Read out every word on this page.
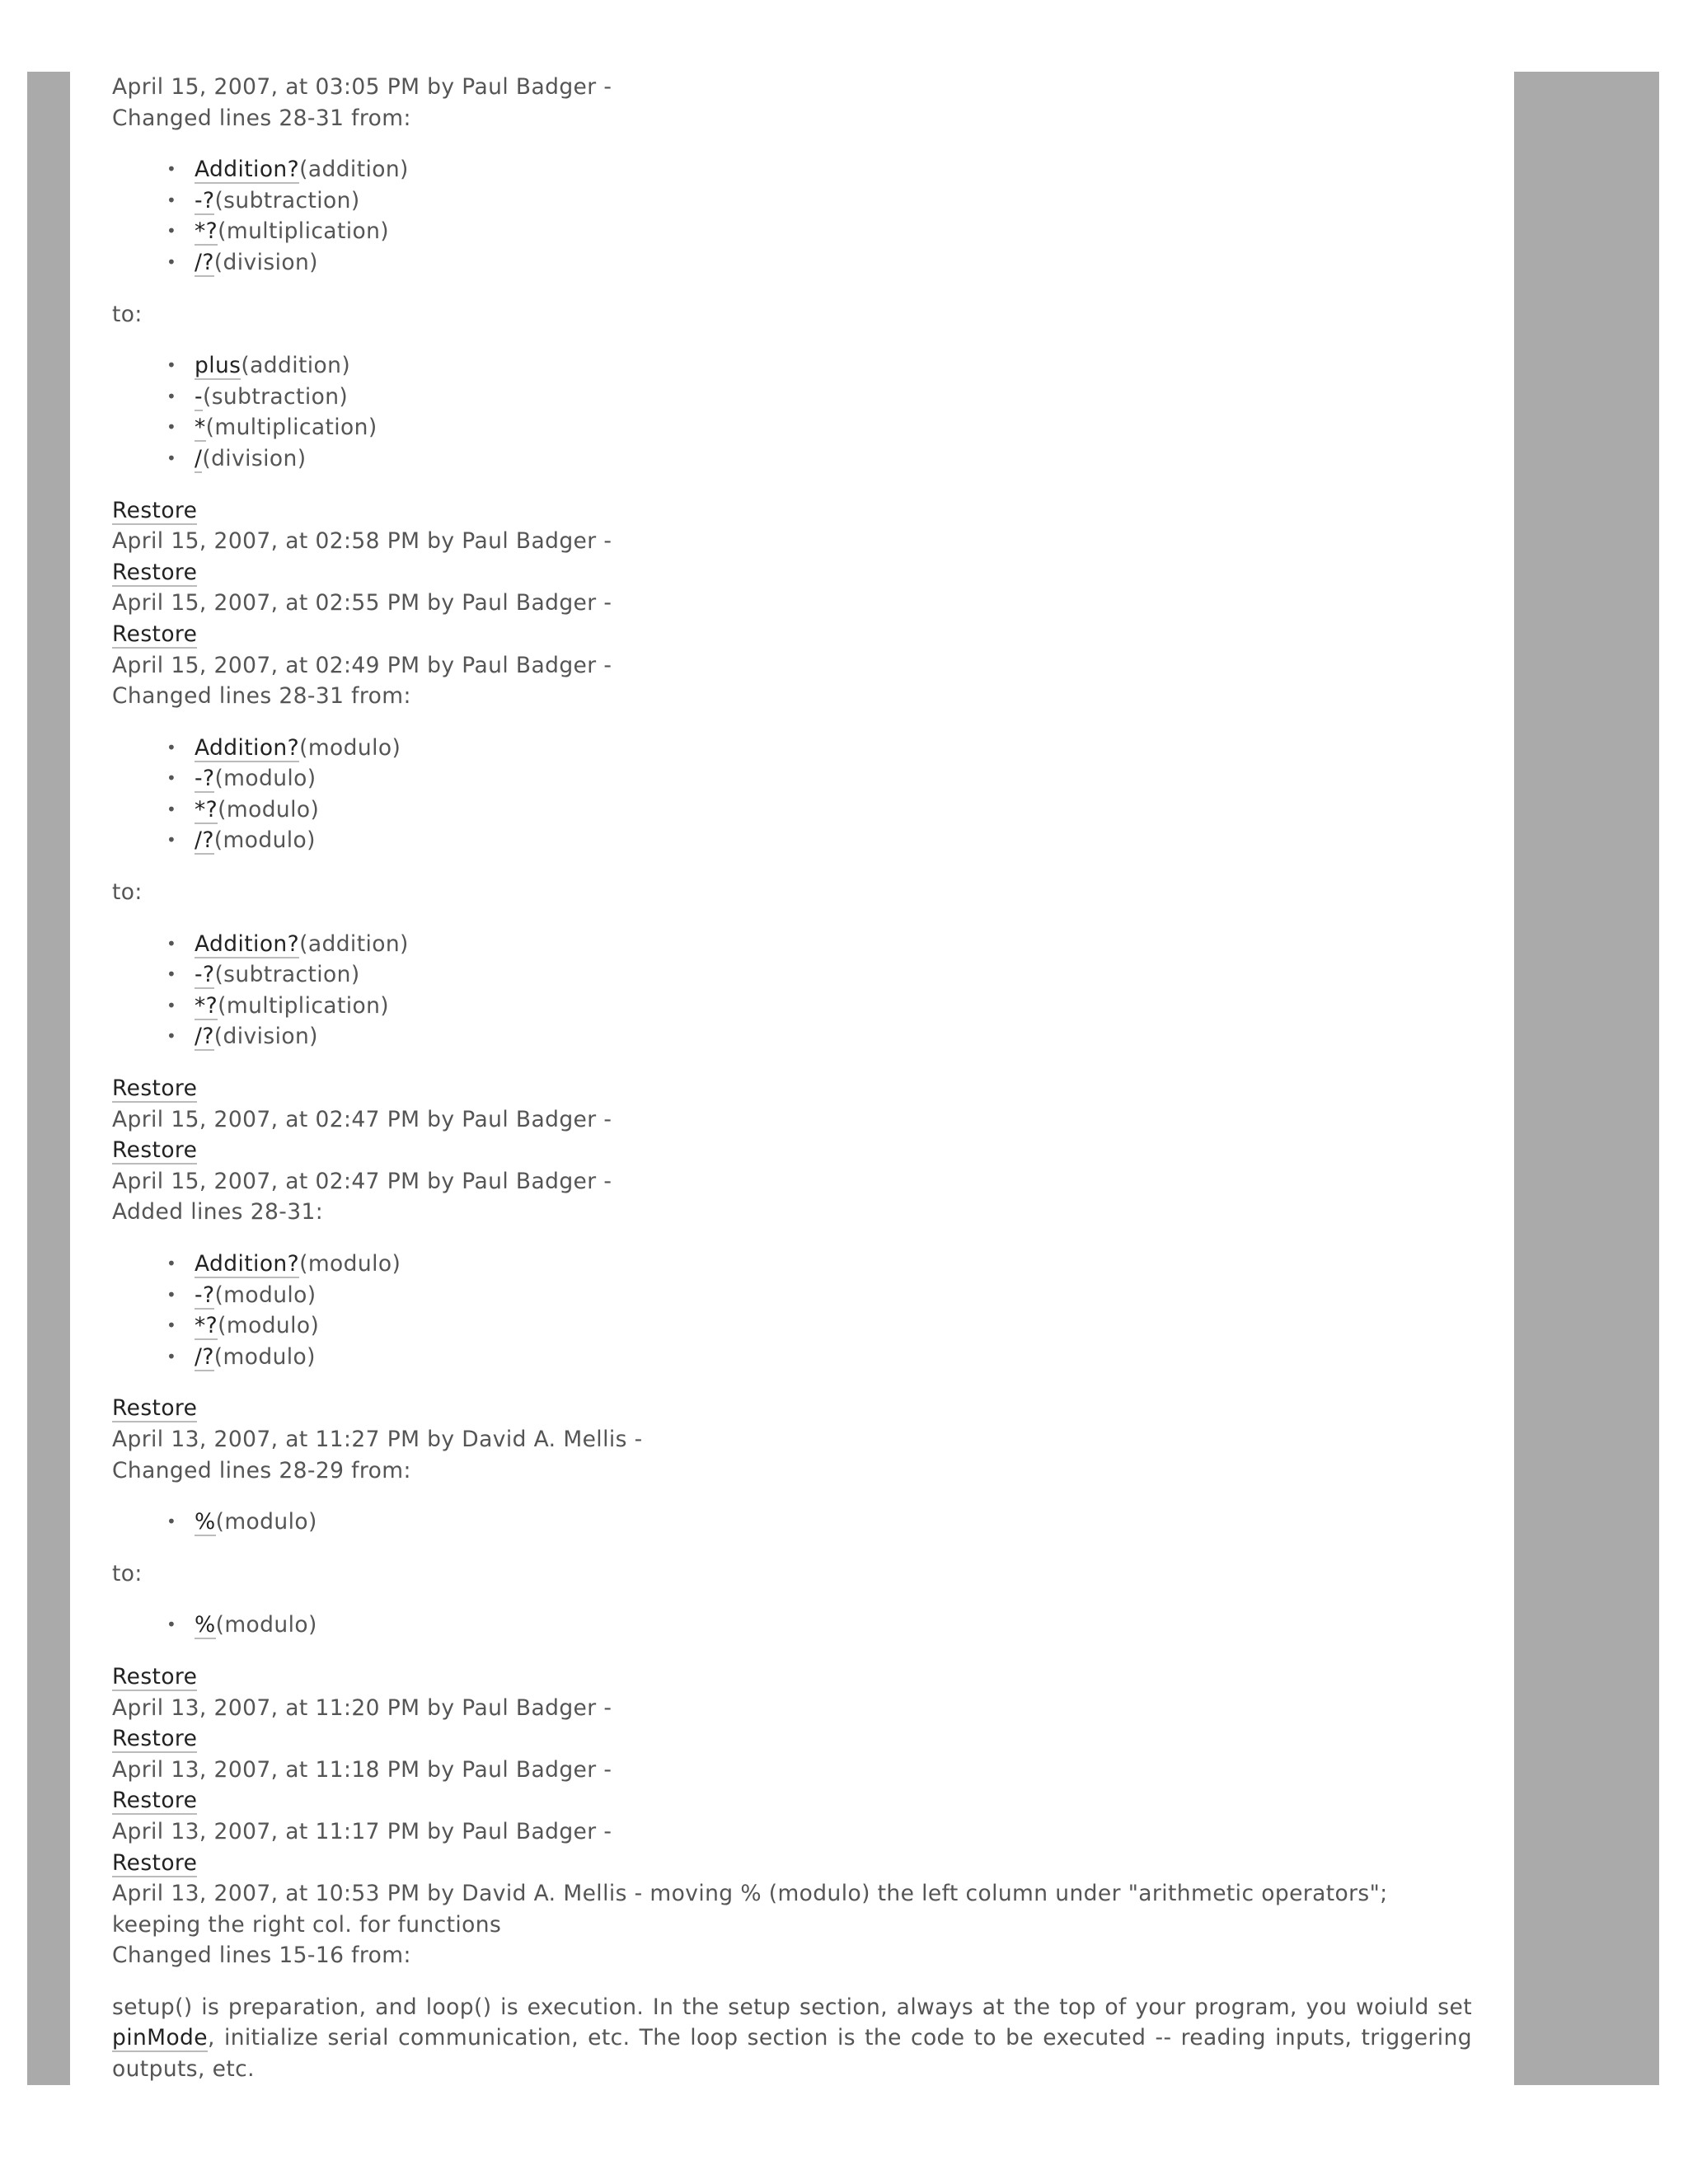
April 15, 2007, at 03:05 PM by Paul Badger -
Changed lines 28-31 from:
• Addition?(addition)
• -?(subtraction)
• *?(multiplication)
• /?(division)
to:
• plus(addition)
• -(subtraction)
• *(multiplication)
• /(division)
Restore
April 15, 2007, at 02:58 PM by Paul Badger -
Restore
April 15, 2007, at 02:55 PM by Paul Badger -
Restore
April 15, 2007, at 02:49 PM by Paul Badger -
Changed lines 28-31 from:
• Addition?(modulo)
• -?(modulo)
• *?(modulo)
• /?(modulo)
to:
• Addition?(addition)
• -?(subtraction)
• *?(multiplication)
• /?(division)
Restore
April 15, 2007, at 02:47 PM by Paul Badger -
Restore
April 15, 2007, at 02:47 PM by Paul Badger -
Added lines 28-31:
• Addition?(modulo)
• -?(modulo)
• *?(modulo)
• /?(modulo)
Restore
April 13, 2007, at 11:27 PM by David A. Mellis -
Changed lines 28-29 from:
• %(modulo)
to:
• %(modulo)
Restore
April 13, 2007, at 11:20 PM by Paul Badger -
Restore
April 13, 2007, at 11:18 PM by Paul Badger -
Restore
April 13, 2007, at 11:17 PM by Paul Badger -
Restore
April 13, 2007, at 10:53 PM by David A. Mellis - moving % (modulo) the left column under "arithmetic operators"; keeping the right col. for functions
Changed lines 15-16 from:
setup() is preparation, and loop() is execution. In the setup section, always at the top of your program, you woiuld set pinMode, initialize serial communication, etc. The loop section is the code to be executed -- reading inputs, triggering outputs, etc.
